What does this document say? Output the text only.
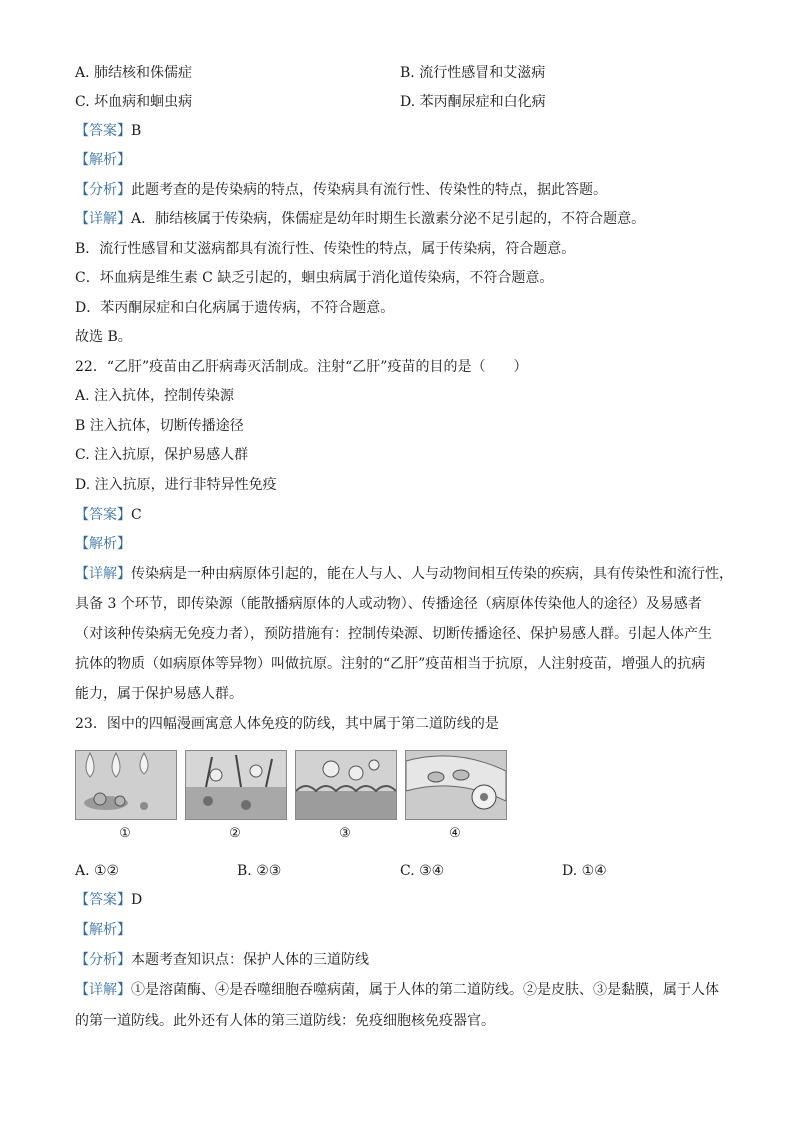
A. 肺结核和侏儒症	B. 流行性感冒和艾滋病
C. 坏血病和蛔虫病	D. 苯丙酮尿症和白化病
【答案】B
【解析】
【分析】此题考查的是传染病的特点，传染病具有流行性、传染性的特点，据此答题。
【详解】A．肺结核属于传染病，侏儒症是幼年时期生长激素分泌不足引起的，不符合题意。
B．流行性感冒和艾滋病都具有流行性、传染性的特点，属于传染病，符合题意。
C．坏血病是维生素 C 缺乏引起的，蛔虫病属于消化道传染病，不符合题意。
D．苯丙酮尿症和白化病属于遗传病，不符合题意。
故选 B。
22．“乙肝”疫苗由乙肝病毒灭活制成。注射“乙肝”疫苗的目的是（　　）
A. 注入抗体，控制传染源
B 注入抗体，切断传播途径
C. 注入抗原，保护易感人群
D. 注入抗原，进行非特异性免疫
【答案】C
【解析】
【详解】传染病是一种由病原体引起的，能在人与人、人与动物间相互传染的疾病，具有传染性和流行性，
具备 3 个环节，即传染源（能散播病原体的人或动物）、传播途径（病原体传染他人的途径）及易感者
（对该种传染病无免疫力者），预防措施有：控制传染源、切断传播途径、保护易感人群。引起人体产生
抗体的物质（如病原体等异物）叫做抗原。注射的“乙肝”疫苗相当于抗原，人注射疫苗，增强人的抗病
能力，属于保护易感人群。
23．图中的四幅漫画寓意人体免疫的防线，其中属于第二道防线的是
①	②	③	④
A. ①②	B. ②③	C. ③④	D. ①④
【答案】D
【解析】
【分析】本题考查知识点：保护人体的三道防线
【详解】①是溶菌酶、④是吞噬细胞吞噬病菌，属于人体的第二道防线。②是皮肤、③是黏膜，属于人体
的第一道防线。此外还有人体的第三道防线：免疫细胞核免疫器官。
